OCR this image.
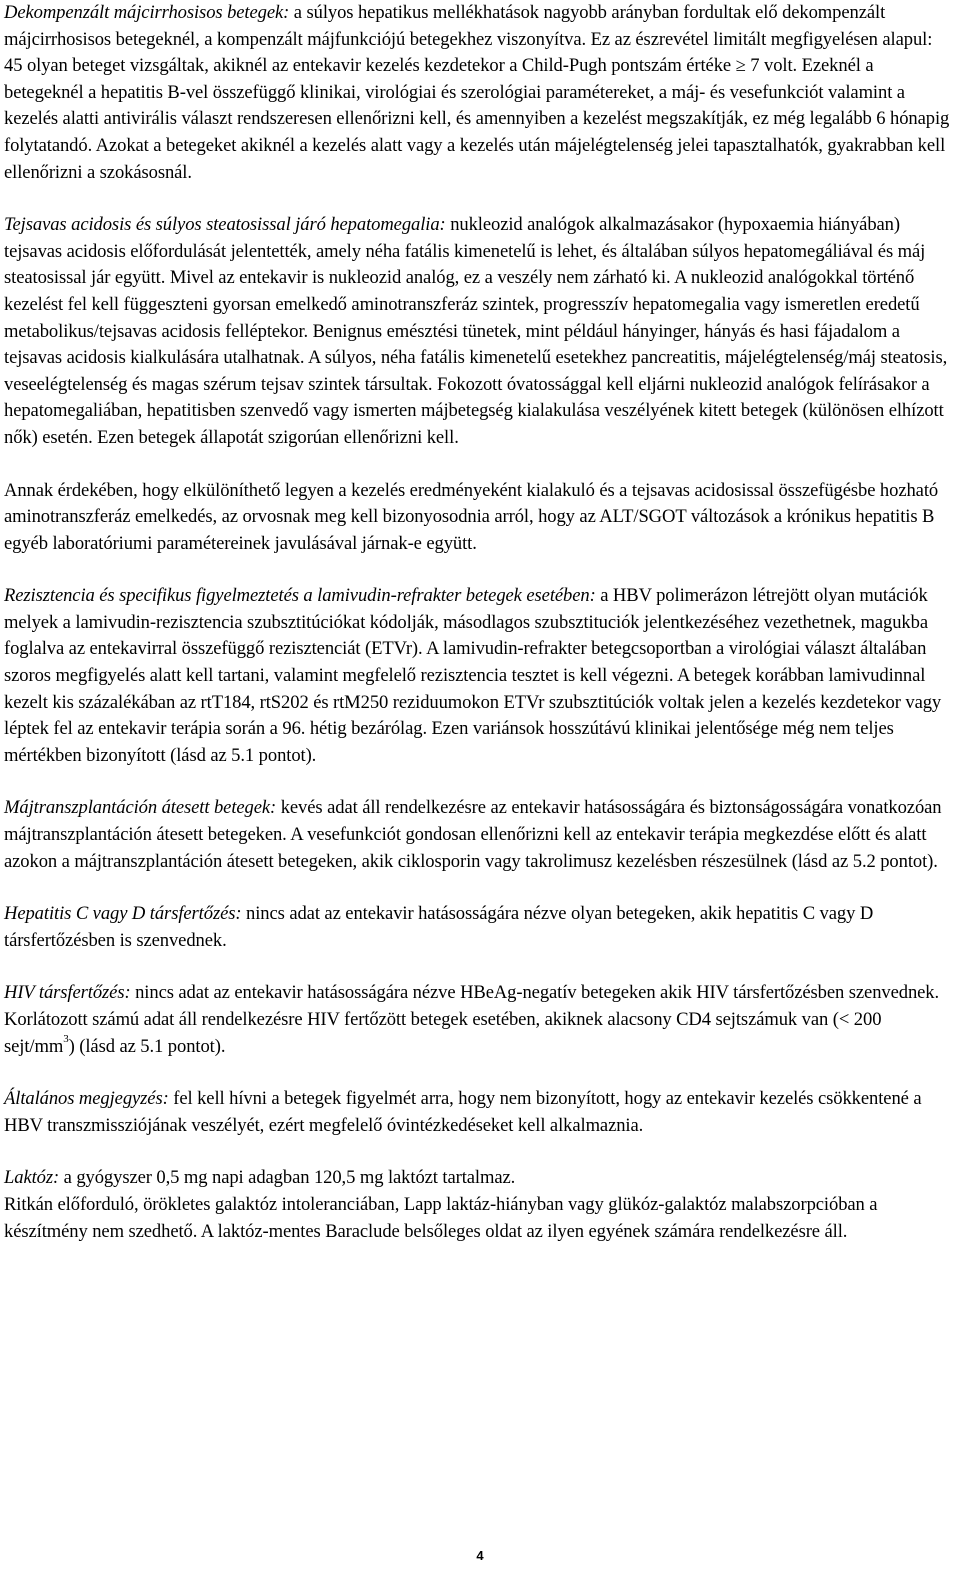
Dekompenzált májcirrhosisos betegek: a súlyos hepatikus mellékhatások nagyobb arányban fordultak elő dekompenzált májcirrhosisos betegeknél, a kompenzált májfunkciójú betegekhez viszonyítva. Ez az észrevétel limitált megfigyelésen alapul: 45 olyan beteget vizsgáltak, akiknél az entekavir kezelés kezdetekor a Child-Pugh pontszám értéke ≥ 7 volt. Ezeknél a betegeknél a hepatitis B-vel összefüggő klinikai, virológiai és szerológiai paramétereket, a máj- és vesefunkciót valamint a kezelés alatti antivirális választ rendszeresen ellenőrizni kell, és amennyiben a kezelést megszakítják, ez még legalább 6 hónapig folytatandó. Azokat a betegeket akiknél a kezelés alatt vagy a kezelés után májelégtelenség jelei tapasztalhatók, gyakrabban kell ellenőrizni a szokásosnál.

Tejsavas acidosis és súlyos steatosissal járó hepatomegalia: nukleozid analógok alkalmazásakor (hypoxaemia hiányában) tejsavas acidosis előfordulását jelentették, amely néha fatális kimenetelű is lehet, és általában súlyos hepatomegáliával és máj steatosissal jár együtt. Mivel az entekavir is nukleozid analóg, ez a veszély nem zárható ki. A nukleozid analógokkal történő kezelést fel kell függeszteni gyorsan emelkedő aminotranszferáz szintek, progresszív hepatomegalia vagy ismeretlen eredetű metabolikus/tejsavas acidosis felléptekor. Benignus emésztési tünetek, mint például hányinger, hányás és hasi fájadalom a tejsavas acidosis kialkulására utalhatnak. A súlyos, néha fatális kimenetelű esetekhez pancreatitis, májelégtelenség/máj steatosis, veseelégtelenség és magas szérum tejsav szintek társultak. Fokozott óvatossággal kell eljárni nukleozid analógok felírásakor a hepatomegaliában, hepatitisben szenvedő vagy ismerten májbetegség kialakulása veszélyének kitett betegek (különösen elhízott nők) esetén. Ezen betegek állapotát szigorúan ellenőrizni kell.

Annak érdekében, hogy elkülöníthető legyen a kezelés eredményeként kialakuló és a tejsavas acidosissal összefügésbe hozható aminotranszferáz emelkedés, az orvosnak meg kell bizonyosodnia arról, hogy az ALT/SGOT változások a krónikus hepatitis B egyéb laboratóriumi paramétereinek javulásával járnak-e együtt.

Rezisztencia és specifikus figyelmeztetés a lamivudin-refrakter betegek esetében: a HBV polimerázon létrejött olyan mutációk melyek a lamivudin-rezisztencia szubsztitúciókat kódolják, másodlagos szubsztituciók jelentkezéséhez vezethetnek, magukba foglalva az entekavirral összefüggő rezisztenciát (ETVr). A lamivudin-refrakter betegcsoportban a virológiai választ általában szoros megfigyelés alatt kell tartani, valamint megfelelő rezisztencia tesztet is kell végezni. A betegek korábban lamivudinnal kezelt kis százalékában az rtT184, rtS202 és rtM250 reziduumokon ETVr szubsztitúciók voltak jelen a kezelés kezdetekor vagy léptek fel az entekavir terápia során a 96. hétig bezárólag. Ezen variánsok hosszútávú klinikai jelentősége még nem teljes mértékben bizonyított (lásd az 5.1 pontot).

Májtranszplantáción átesett betegek: kevés adat áll rendelkezésre az entekavir hatásosságára és biztonságosságára vonatkozóan májtranszplantáción átesett betegeken. A vesefunkciót gondosan ellenőrizni kell az entekavir terápia megkezdése előtt és alatt azokon a májtranszplantáción átesett betegeken, akik ciklosporin vagy takrolimusz kezelésben részesülnek (lásd az 5.2 pontot).

Hepatitis C vagy D társfertőzés: nincs adat az entekavir hatásosságára nézve olyan betegeken, akik hepatitis C vagy D társfertőzésben is szenvednek.

HIV társfertőzés: nincs adat az entekavir hatásosságára nézve HBeAg-negatív betegeken akik HIV társfertőzésben szenvednek. Korlátozott számú adat áll rendelkezésre HIV fertőzött betegek esetében, akiknek alacsony CD4 sejtszámuk van (< 200 sejt/$mm^3$) (lásd az 5.1 pontot).

Általános megjegyzés: fel kell hívni a betegek figyelmét arra, hogy nem bizonyított, hogy az entekavir kezelés csökkentené a HBV transzmissziójának veszélyét, ezért megfelelő óvintézkedéseket kell alkalmaznia.

Laktóz: a gyógyszer 0,5 mg napi adagban 120,5 mg laktózt tartalmaz.

Ritkán előforduló, örökletes galaktóz intoleranciában, Lapp laktáz-hiányban vagy glükóz-galaktóz malabszorpcióban a készítmény nem szedhető. A laktóz-mentes Baraclude belsőleges oldat az ilyen egyének számára rendelkezésre áll.

4
